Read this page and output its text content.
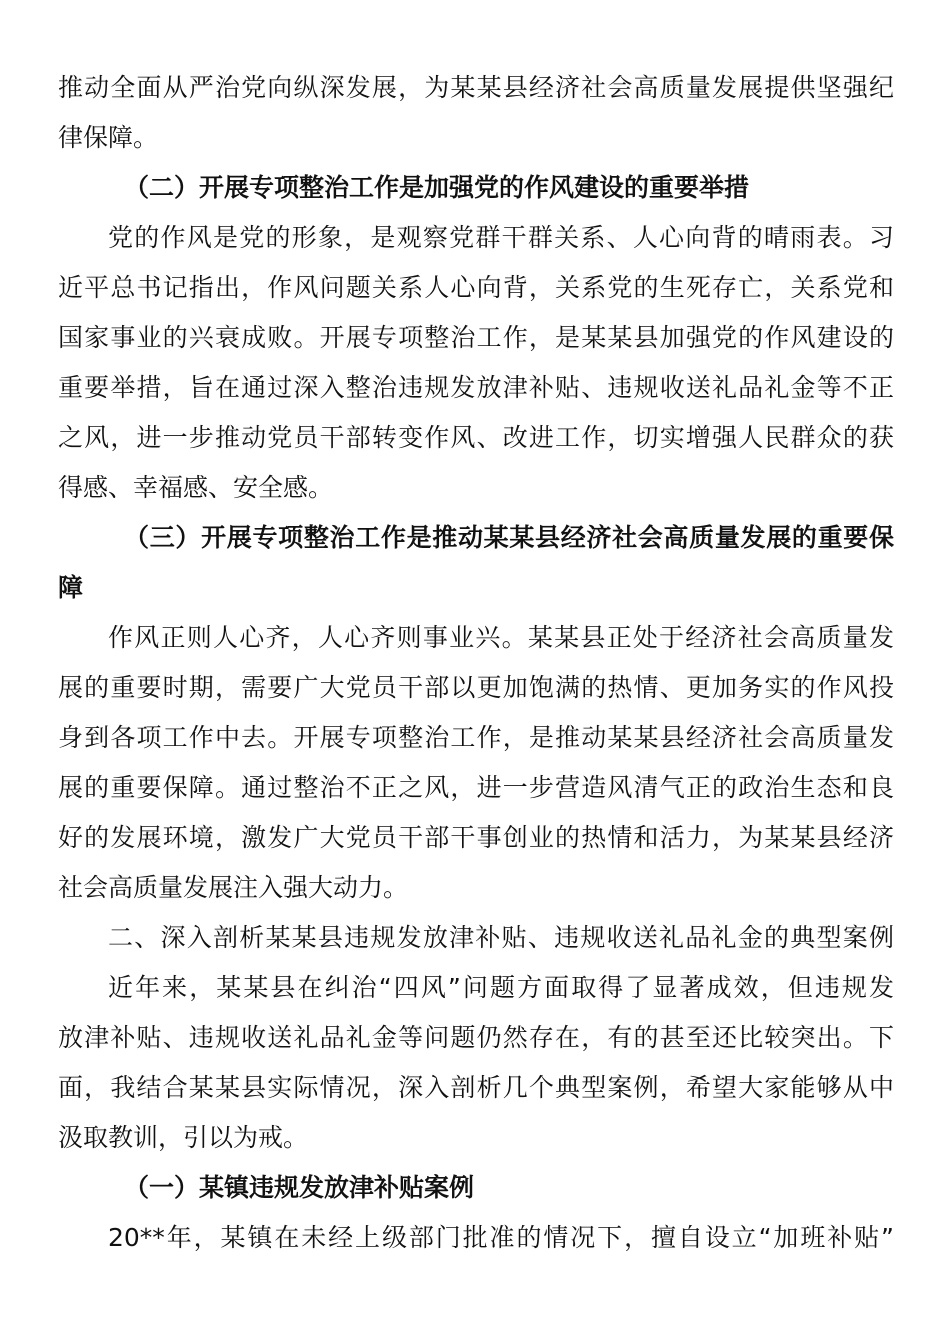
推动全面从严治党向纵深发展，为某某县经济社会高质量发展提供坚强纪
律保障。
（二）开展专项整治工作是加强党的作风建设的重要举措
党的作风是党的形象，是观察党群干群关系、人心向背的晴雨表。习
近平总书记指出，作风问题关系人心向背，关系党的生死存亡，关系党和
国家事业的兴衰成败。开展专项整治工作，是某某县加强党的作风建设的
重要举措，旨在通过深入整治违规发放津补贴、违规收送礼品礼金等不正
之风，进一步推动党员干部转变作风、改进工作，切实增强人民群众的获
得感、幸福感、安全感。
（三）开展专项整治工作是推动某某县经济社会高质量发展的重要保
障
作风正则人心齐，人心齐则事业兴。某某县正处于经济社会高质量发
展的重要时期，需要广大党员干部以更加饱满的热情、更加务实的作风投
身到各项工作中去。开展专项整治工作，是推动某某县经济社会高质量发
展的重要保障。通过整治不正之风，进一步营造风清气正的政治生态和良
好的发展环境，激发广大党员干部干事创业的热情和活力，为某某县经济
社会高质量发展注入强大动力。
二、深入剖析某某县违规发放津补贴、违规收送礼品礼金的典型案例
近年来，某某县在纠治“四风”问题方面取得了显著成效，但违规发
放津补贴、违规收送礼品礼金等问题仍然存在，有的甚至还比较突出。下
面，我结合某某县实际情况，深入剖析几个典型案例，希望大家能够从中
汲取教训，引以为戒。
（一）某镇违规发放津补贴案例
20**年，某镇在未经上级部门批准的情况下，擅自设立“加班补贴”
